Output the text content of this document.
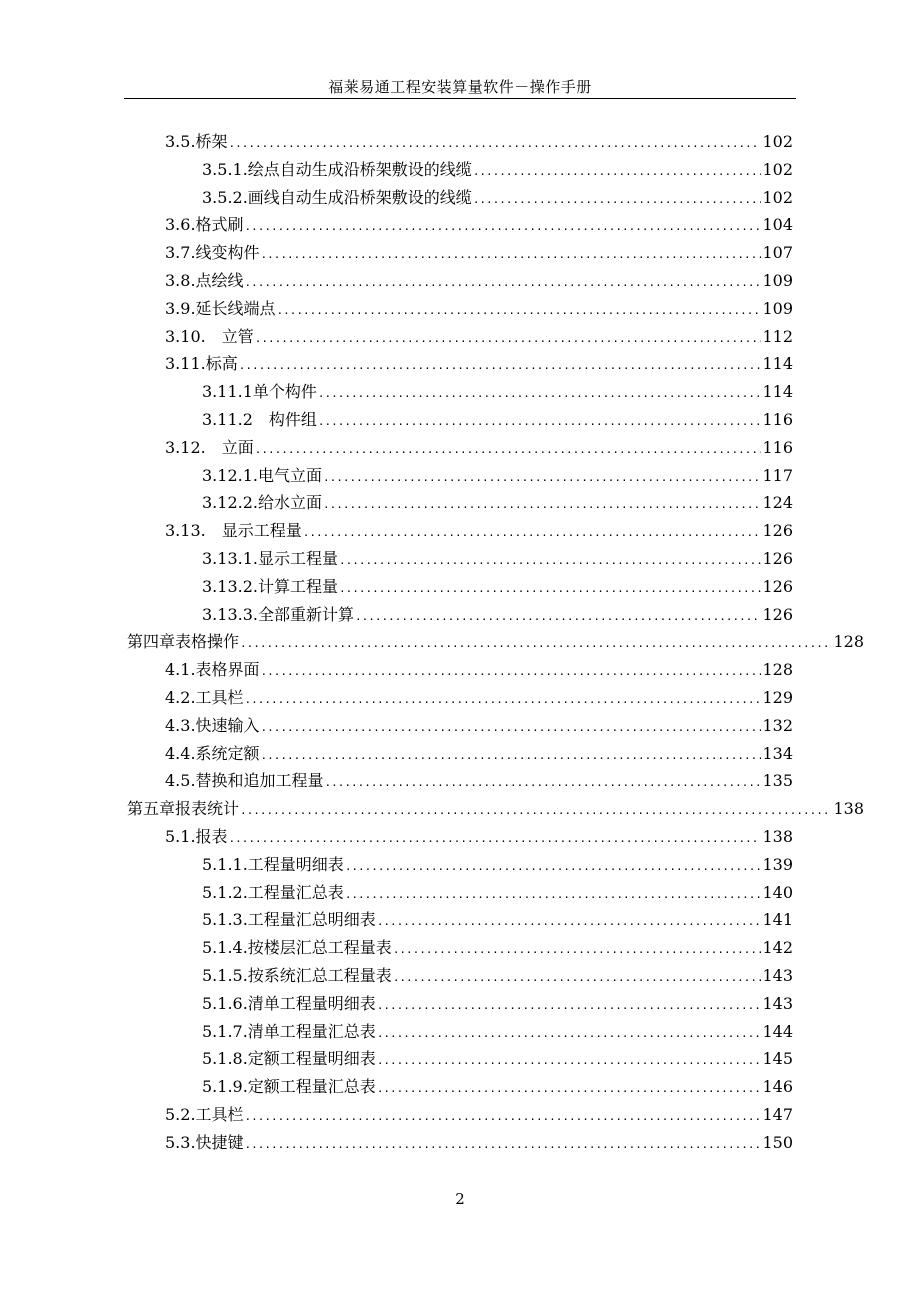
福莱易通工程安装算量软件－操作手册
3.5. 桥架 .....	102
3.5.1. 绘点自动生成沿桥架敷设的线缆 .....	102
3.5.2. 画线自动生成沿桥架敷设的线缆 .....	102
3.6. 格式刷 .....	104
3.7. 线变构件 .....	107
3.8. 点绘线 .....	109
3.9. 延长线端点 .....	109
3.10. 　立管 .....	112
3.11. 标高 .....	114
3.11.1 单个构件 .....	114
3.11.2 　构件组 .....	116
3.12. 　立面 .....	116
3.12.1. 电气立面 .....	117
3.12.2. 给水立面 .....	124
3.13. 　显示工程量 .....	126
3.13.1. 显示工程量 .....	126
3.13.2. 计算工程量 .....	126
3.13.3. 全部重新计算 .....	126
第四章 表格操作 .....	128
4.1. 表格界面 .....	128
4.2. 工具栏 .....	129
4.3. 快速输入 .....	132
4.4. 系统定额 .....	134
4.5. 替换和追加工程量 .....	135
第五章 报表统计 .....	138
5.1. 报表 .....	138
5.1.1. 工程量明细表 .....	139
5.1.2. 工程量汇总表 .....	140
5.1.3. 工程量汇总明细表 .....	141
5.1.4. 按楼层汇总工程量表 .....	142
5.1.5. 按系统汇总工程量表 .....	143
5.1.6. 清单工程量明细表 .....	143
5.1.7. 清单工程量汇总表 .....	144
5.1.8. 定额工程量明细表 .....	145
5.1.9. 定额工程量汇总表 .....	146
5.2. 工具栏 .....	147
5.3. 快捷键 .....	150
2
